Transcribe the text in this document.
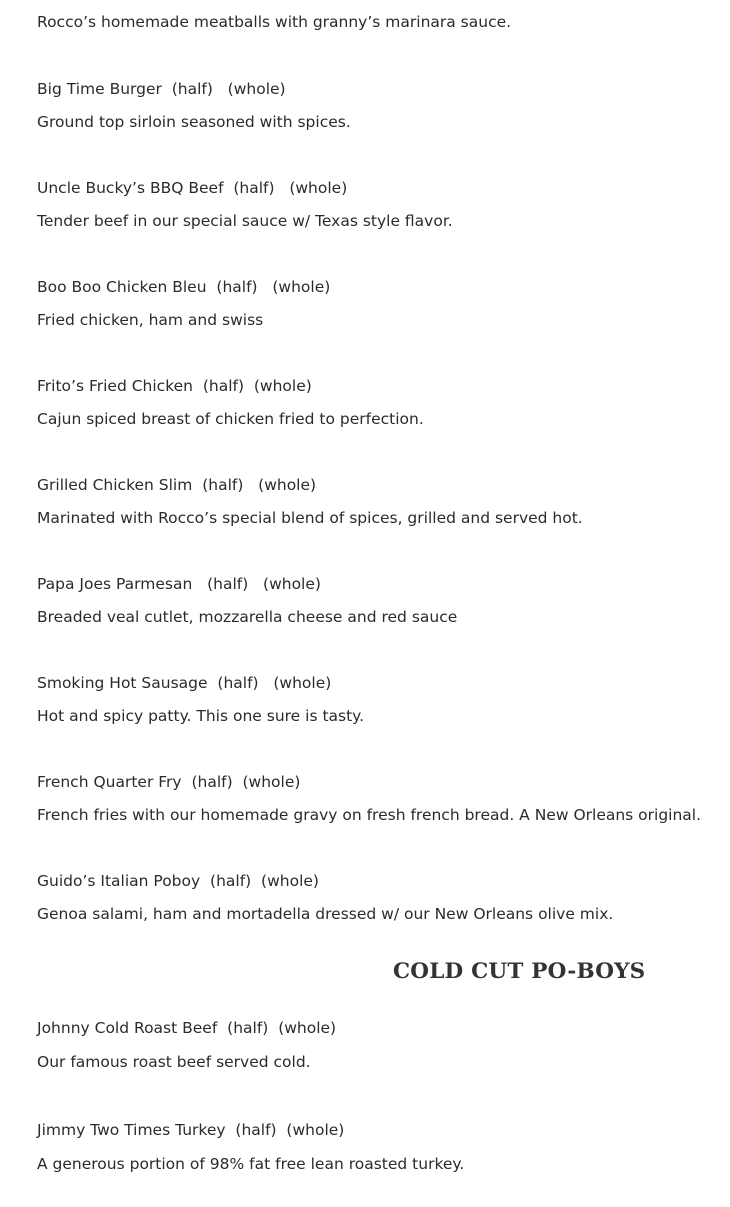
Rocco’s homemade meatballs with granny’s marinara sauce.

Big Time Burger  (half)   (whole)

Ground top sirloin seasoned with spices.

Uncle Bucky’s BBQ Beef  (half)   (whole)

Tender beef in our special sauce w/ Texas style flavor.

Boo Boo Chicken Bleu  (half)   (whole)

Fried chicken, ham and swiss

Frito’s Fried Chicken  (half)  (whole)

Cajun spiced breast of chicken fried to perfection.

Grilled Chicken Slim  (half)   (whole)

Marinated with Rocco’s special blend of spices, grilled and served hot.

Papa Joes Parmesan   (half)   (whole)

Breaded veal cutlet, mozzarella cheese and red sauce

Smoking Hot Sausage  (half)   (whole)

Hot and spicy patty. This one sure is tasty.

French Quarter Fry  (half)  (whole)

French fries with our homemade gravy on fresh french bread. A New Orleans original.

Guido’s Italian Poboy  (half)  (whole)

Genoa salami, ham and mortadella dressed w/ our New Orleans olive mix.

COLD CUT PO-BOYS

Johnny Cold Roast Beef  (half)  (whole)

Our famous roast beef served cold.

Jimmy Two Times Turkey  (half)  (whole)

A generous portion of 98% fat free lean roasted turkey.
